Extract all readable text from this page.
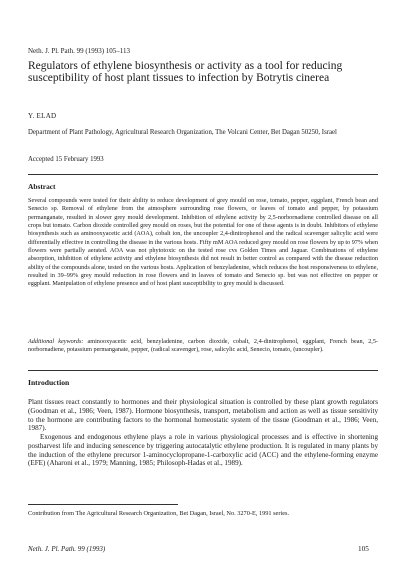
Neth. J. Pl. Path. 99 (1993) 105–113
Regulators of ethylene biosynthesis or activity as a tool for reducing susceptibility of host plant tissues to infection by Botrytis cinerea
Y. ELAD
Department of Plant Pathology, Agricultural Research Organization, The Volcani Center, Bet Dagan 50250, Israel
Accepted 15 February 1993
Abstract
Several compounds were tested for their ability to reduce development of grey mould on rose, tomato, pepper, eggplant, French bean and Senecio sp. Removal of ethylene from the atmosphere surrounding rose flowers, or leaves of tomato and pepper, by potassium permanganate, resulted in slower grey mould development. Inhibition of ethylene activity by 2,5-norbornadiene controlled disease on all crops but tomato. Carbon dioxide controlled grey mould on roses, but the potential for one of these agents is in doubt. Inhibitors of ethylene biosynthesis such as aminooxyacetic acid (AOA), cobalt ion, the uncoupler 2,4-dinitrophenol and the radical scavenger salicylic acid were differentially effective in controlling the disease in the various hosts. Fifty mM AOA reduced grey mould on rose flowers by up to 97% when flowers were partially aerated. AOA was not phytotoxic on the tested rose cvs Golden Times and Jaguar. Combinations of ethylene absorption, inhibition of ethylene activity and ethylene biosynthesis did not result in better control as compared with the disease reduction ability of the compounds alone, tested on the various hosts. Application of benzyladenine, which reduces the host responsiveness to ethylene, resulted in 39–99% grey mould reduction in rose flowers and in leaves of tomato and Senecio sp. but was not effective on pepper or eggplant. Manipulation of ethylene presence and of host plant susceptibility to grey mould is discussed.
Additional keywords: aminooxyacetic acid, benzyladenine, carbon dioxide, cobalt, 2,4-dinitrophenol, eggplant, French bean, 2,5-norbornadiene, potassium permanganate, pepper, (radical scavenger), rose, salicylic acid, Senecio, tomato, (uncoupler).
Introduction

Plant tissues react constantly to hormones and their physiological situation is controlled by these plant growth regulators (Goodman et al., 1986; Veen, 1987). Hormone biosynthesis, transport, metabolism and action as well as tissue sensitivity to the hormone are contributing factors to the hormonal homeostatic system of the tissue (Goodman et al., 1986; Veen, 1987).

Exogenous and endogenous ethylene plays a role in various physiological processes and is effective in shortening postharvest life and inducing senescence by triggering autocatalytic ethylene production. It is regulated in many plants by the induction of the ethylene precursor 1-aminocyclopropane-1-carboxylic acid (ACC) and the ethylene-forming enzyme (EFE) (Aharoni et al., 1979; Manning, 1985; Philosoph-Hadas et al., 1989).

Contribution from The Agricultural Research Organization, Bet Dagan, Israel, No. 3270-E, 1991 series.
Neth. J. Pl. Path. 99 (1993)	105
